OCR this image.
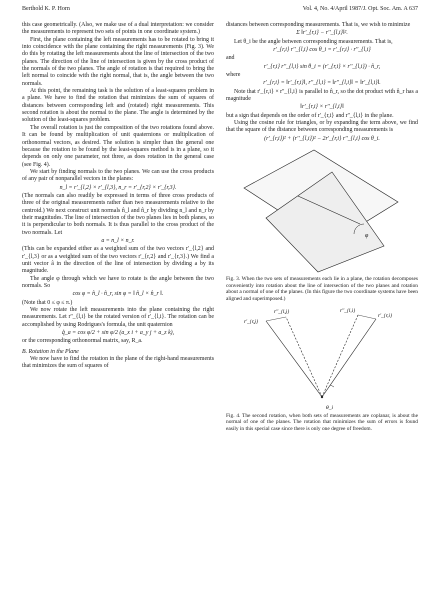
Berthold K. P. Horn	Vol. 4, No. 4/April 1987/J. Opt. Soc. Am. A 637

this case geometrically. (Also, we make use of a dual interpretation: we consider the measurements to represent two sets of points in one coordinate system.)

First, the plane containing the left measurements has to be rotated to bring it into coincidence with the plane containing the right measurements (Fig. 3). We do this by rotating the left measurements about the line of intersection of the two planes. The direction of the line of intersection is given by the cross product of the normals of the two planes. The angle of rotation is that required to bring the left normal to coincide with the right normal, that is, the angle between the two normals.

At this point, the remaining task is the solution of a least-squares problem in a plane. We have to find the rotation that minimizes the sum of squares of distances between corresponding left and (rotated) right measurements. This second rotation is about the normal to the plane. The angle is determined by the solution of the least-squares problem.

The overall rotation is just the composition of the two rotations found above. It can be found by multiplication of unit quaternions or multiplication of orthonormal vectors, as desired. The solution is simpler than the general one because the rotation to be found by the least-squares method is in a plane, so it depends on only one parameter, not three, as does rotation in the general case (see Fig. 4).

We start by finding normals to the two planes. We can use the cross products of any pair of nonparallel vectors in the planes:

n_l = r'_{l,2} × r'_{l,3}, n_r = r'_{r,2} × r'_{r,3}.

(The normals can also readily be expressed in terms of three cross products of three of the original measurements rather than two measurements relative to the centroid.) We next construct unit normals n̂_l and n̂_r by dividing n_l and n_r by their magnitudes. The line of intersection of the two planes lies in both planes, so it is perpendicular to both normals. It is thus parallel to the cross product of the two normals. Let

a = n_l × n_r.

(This can be expanded either as a weighted sum of the two vectors r'_{l,2} and r'_{l,3} or as a weighted sum of the two vectors r'_{r,2} and r'_{r,3}.) We find a unit vector â in the direction of the line of intersection by dividing a by its magnitude.

The angle φ through which we have to rotate is the angle between the two normals. So

cos φ = n̂_l · n̂_r, sin φ = ‖ n̂_l × n̂_r ‖.

(Note that 0 ≤ φ ≤ π.)

We now rotate the left measurements into the plane containing the right measurements. Let r''_{l,i} be the rotated version of r'_{l,i}. The rotation can be accomplished by using Rodrigues's formula, the unit quaternion

q̊_a = cos φ/2 + sin φ/2 (a_x i + a_y j + a_z k),

or the corresponding orthonormal matrix, say, R_a.

B. Rotation in the Plane

We now have to find the rotation in the plane of the right-hand measurements that minimizes the sum of squares of

distances between corresponding measurements. That is, we wish to minimize

Σ ‖r'_{r,i} − r''_{l,i}‖².

Let θ_i be the angle between corresponding measurements. That is,

r'_{r,i} r''_{l,i} cos θ_i = r'_{r,i} · r''_{l,i}

and

r'_{r,i} r''_{l,i} sin θ_i = (r'_{r,i} × r''_{l,i}) · n̂_r,

where

r'_{r,i} = ‖r'_{r,i}‖, r''_{l,i} = ‖r''_{l,i}‖ = ‖r'_{l,i}‖.

Note that r'_{r,i} × r''_{l,i} is parallel to n̂_r, so the dot product with n̂_r has a magnitude

‖r'_{r,i} × r''_{l,i}‖

but a sign that depends on the order of r'_{r,i} and r''_{l,i} in the plane.

Using the cosine rule for triangles, or by expanding the term above, we find that the square of the distance between corresponding measurements is

(r'_{r,i})² + (r''_{l,i})² − 2r'_{r,i} r''_{l,i} cos θ_i.
φ
Fig. 3. When the two sets of measurements each lie in a plane, the rotation decomposes conveniently into rotation about the line of intersection of the two planes and rotation about a normal of one of the planes. (In this figure the two coordinate systems have been aligned and superimposed.)
θ_i
r'_{r,i}
r''_{l,i}
r'_{r,j}
r''_{l,j}
Fig. 4. The second rotation, when both sets of measurements are coplanar, is about the normal of one of the planes. The rotation that minimizes the sum of errors is found easily in this special case since there is only one degree of freedom.
